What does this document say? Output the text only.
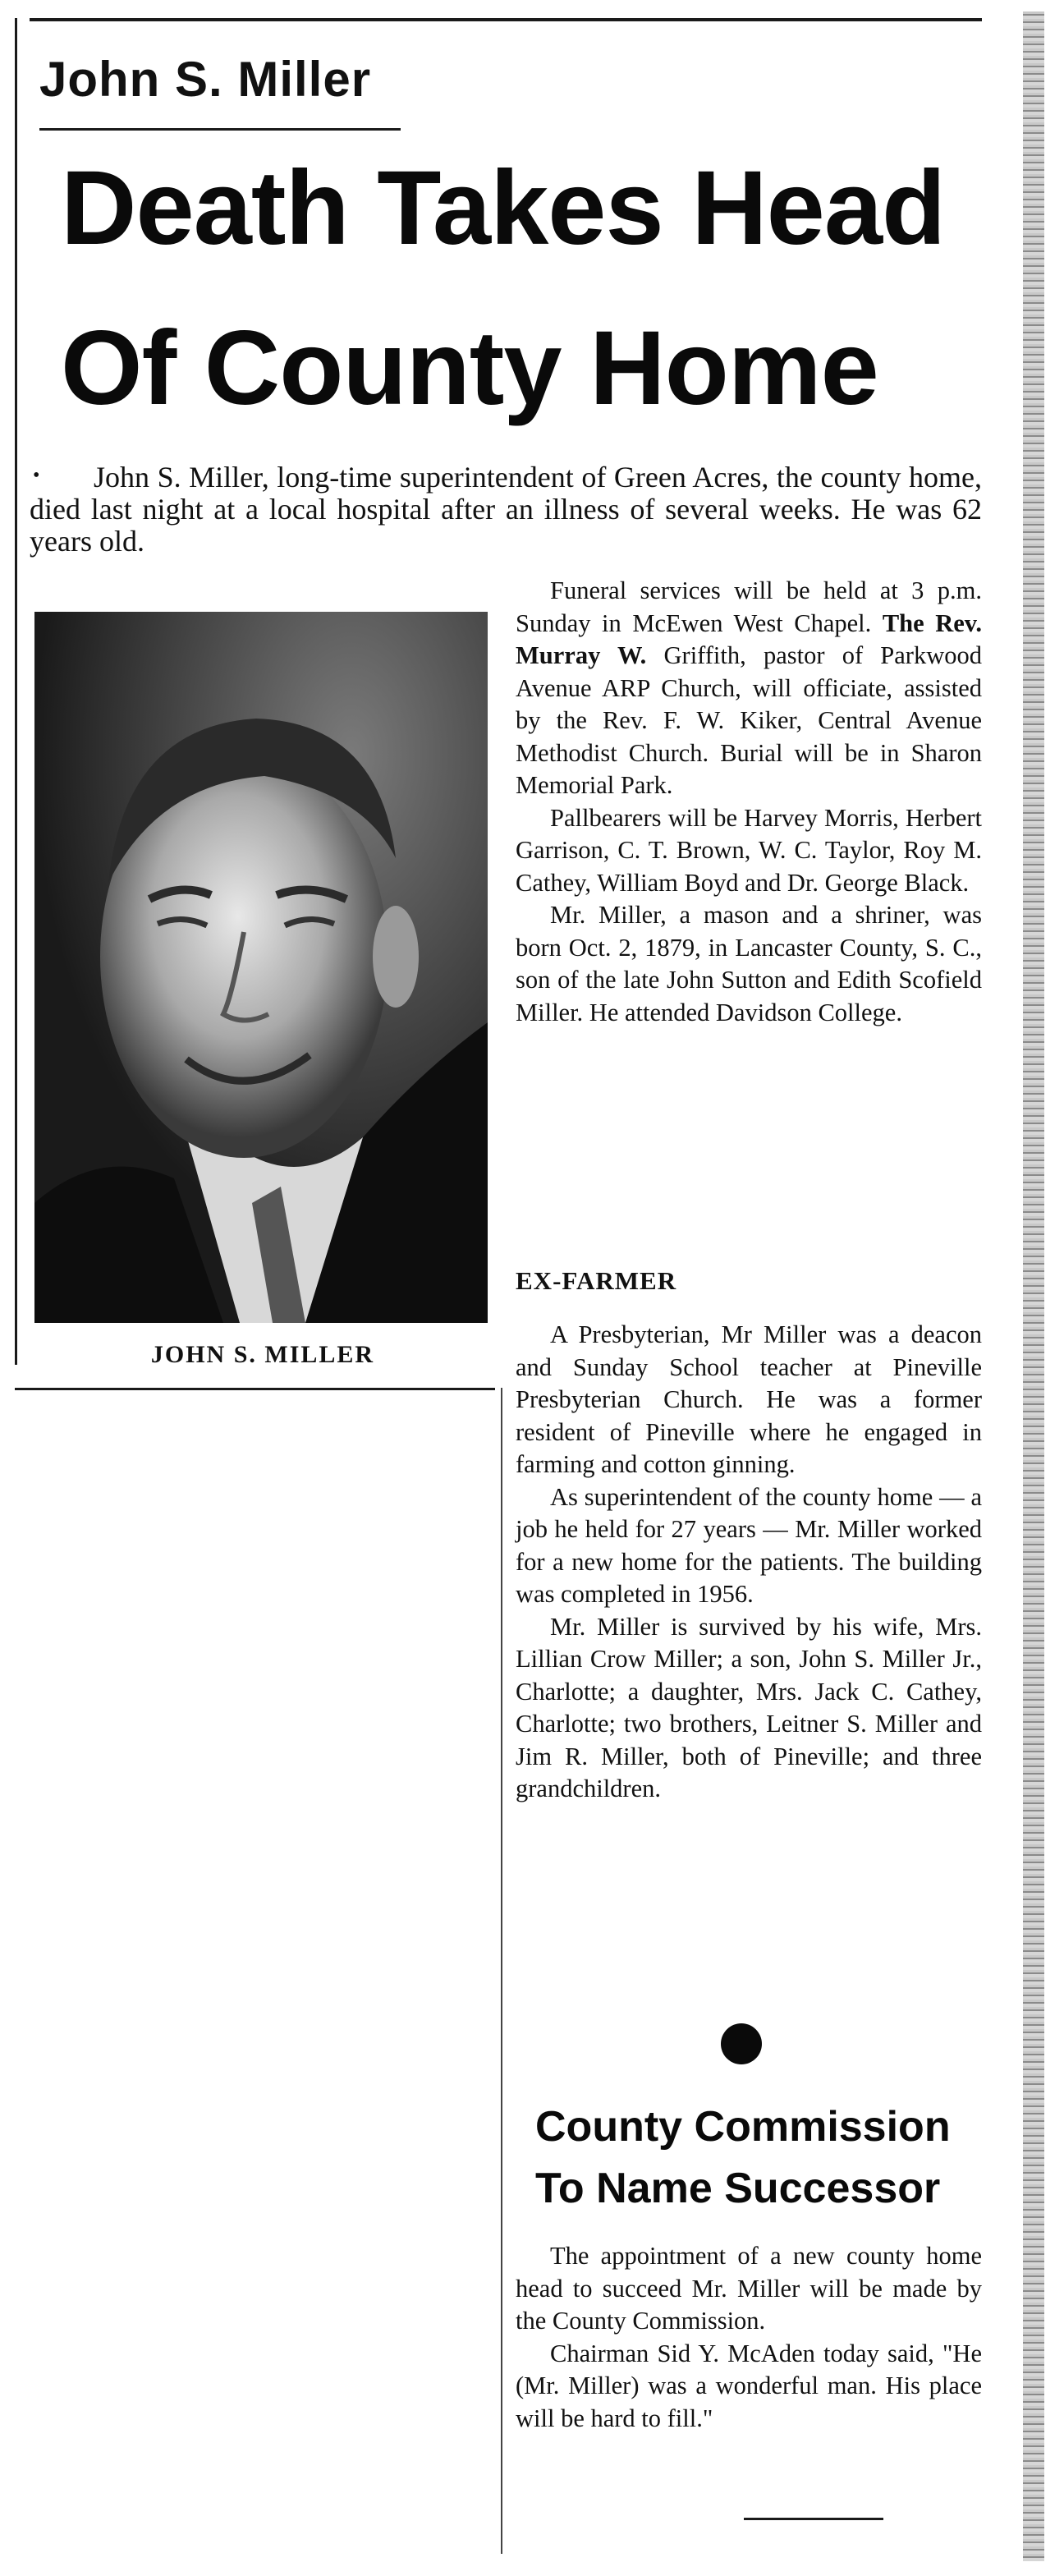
John S. Miller
Death Takes Head
Of County Home
•	John S. Miller, long-time superintendent of Green Acres, the county home, died last night at a local hospital after an illness of several weeks. He was 62 years old.
JOHN S. MILLER

Funeral services will be held at 3 p.m. Sunday in McEwen West Chapel. The Rev. Murray W. Griffith, pastor of Parkwood Avenue ARP Church, will officiate, assisted by the Rev. F. W. Kiker, Central Avenue Methodist Church. Burial will be in Sharon Memorial Park.

Pallbearers will be Harvey Morris, Herbert Garrison, C. T. Brown, W. C. Taylor, Roy M. Cathey, William Boyd and Dr. George Black.

Mr. Miller, a mason and a shriner, was born Oct. 2, 1879, in Lancaster County, S. C., son of the late John Sutton and Edith Scofield Miller. He attended Davidson College.

EX-FARMER

A Presbyterian, Mr Miller was a deacon and Sunday School teacher at Pineville Presbyterian Church. He was a former resident of Pineville where he engaged in farming and cotton ginning.

As superintendent of the county home — a job he held for 27 years — Mr. Miller worked for a new home for the patients. The building was completed in 1956.

Mr. Miller is survived by his wife, Mrs. Lillian Crow Miller; a son, John S. Miller Jr., Charlotte; a daughter, Mrs. Jack C. Cathey, Charlotte; two brothers, Leitner S. Miller and Jim R. Miller, both of Pineville; and three grandchildren.

County Commission
To Name Successor

The appointment of a new county home head to succeed Mr. Miller will be made by the County Commission.

Chairman Sid Y. McAden today said, "He (Mr. Miller) was a wonderful man. His place will be hard to fill."
